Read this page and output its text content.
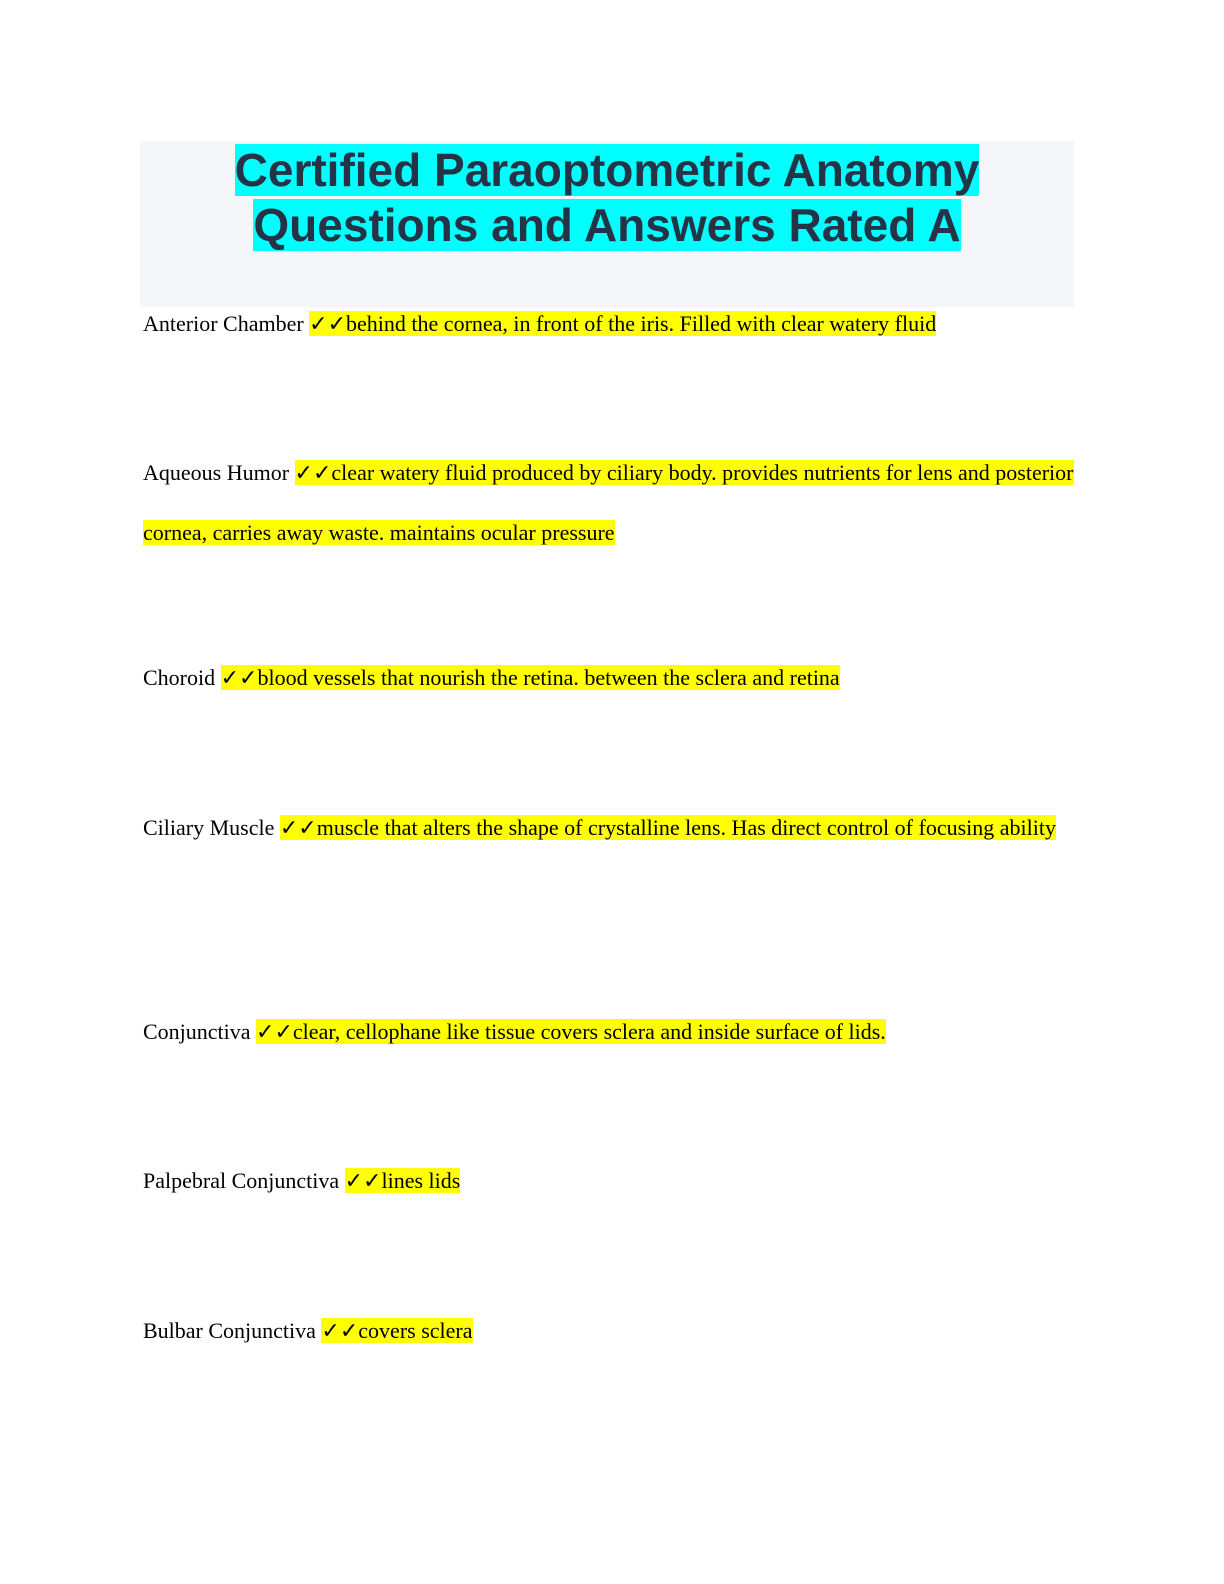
Certified Paraoptometric Anatomy
Questions and Answers Rated A

Anterior Chamber ✓✓behind the cornea, in front of the iris. Filled with clear watery fluid

Aqueous Humor ✓✓clear watery fluid produced by ciliary body. provides nutrients for lens and posterior cornea, carries away waste. maintains ocular pressure

Choroid ✓✓blood vessels that nourish the retina. between the sclera and retina

Ciliary Muscle ✓✓muscle that alters the shape of crystalline lens. Has direct control of focusing ability

Conjunctiva ✓✓clear, cellophane like tissue covers sclera and inside surface of lids.

Palpebral Conjunctiva ✓✓lines lids

Bulbar Conjunctiva ✓✓covers sclera
